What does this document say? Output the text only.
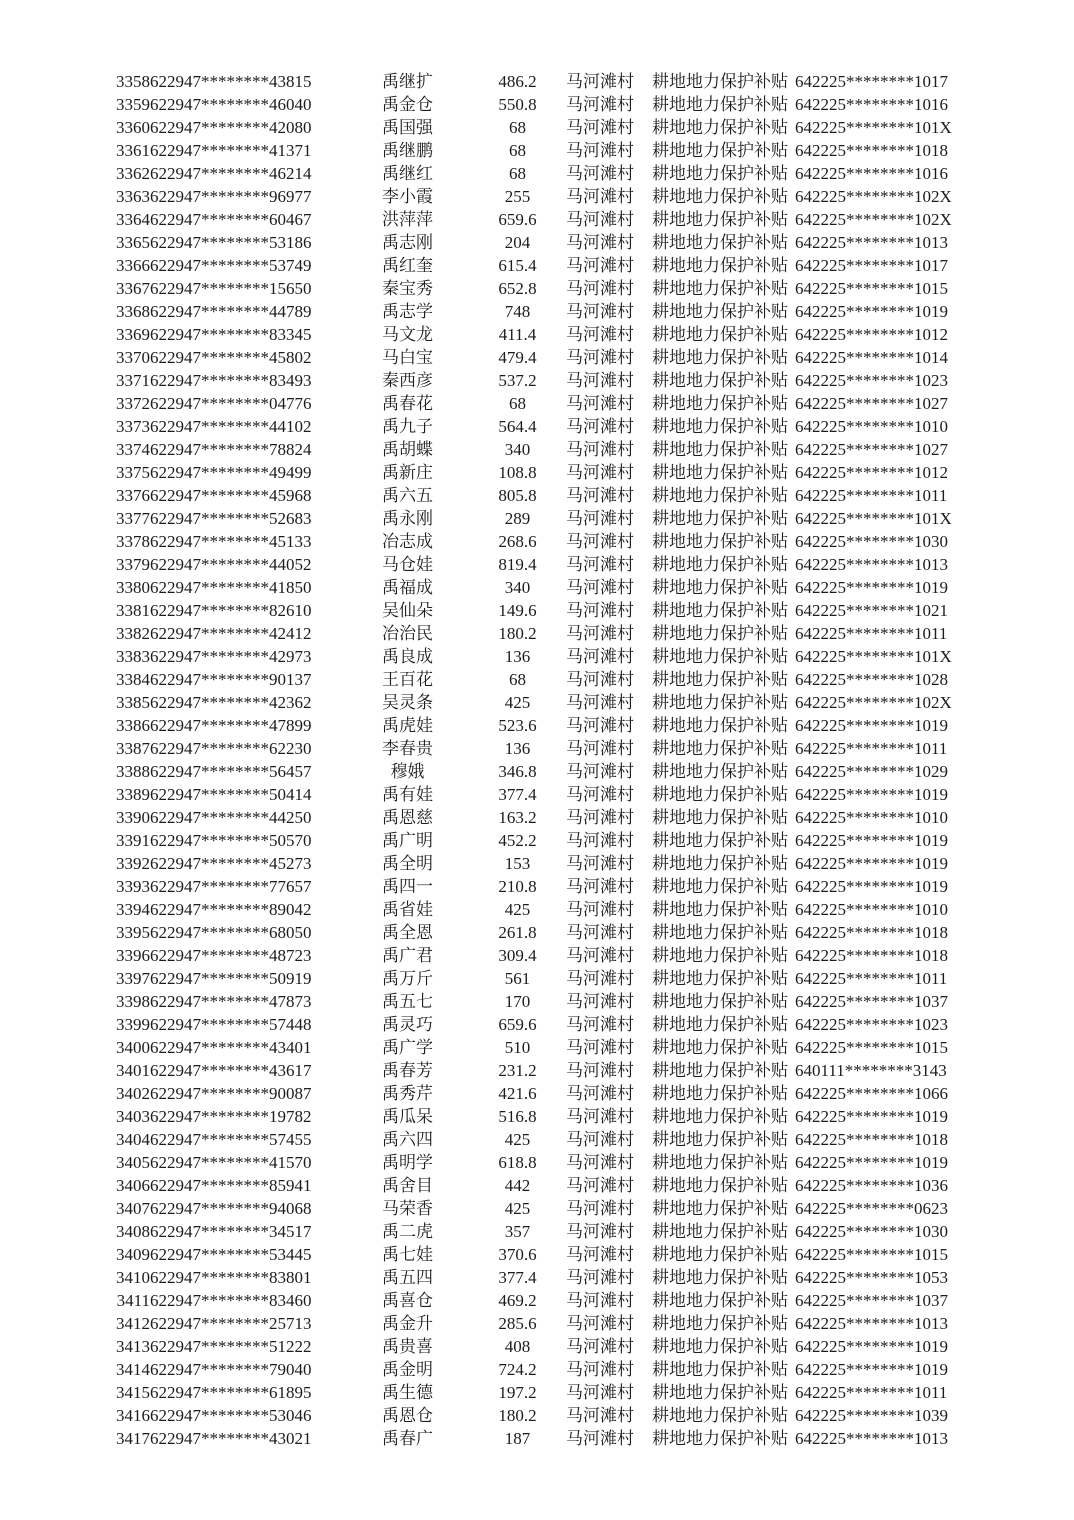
3358	622947********43815	禹继扩	486.2	马河滩村	耕地地力保护补贴	642225********1017
3359	622947********46040	禹金仓	550.8	马河滩村	耕地地力保护补贴	642225********1016
3360	622947********42080	禹国强	68	马河滩村	耕地地力保护补贴	642225********101X
3361	622947********41371	禹继鹏	68	马河滩村	耕地地力保护补贴	642225********1018
3362	622947********46214	禹继红	68	马河滩村	耕地地力保护补贴	642225********1016
3363	622947********96977	李小霞	255	马河滩村	耕地地力保护补贴	642225********102X
3364	622947********60467	洪萍萍	659.6	马河滩村	耕地地力保护补贴	642225********102X
3365	622947********53186	禹志刚	204	马河滩村	耕地地力保护补贴	642225********1013
3366	622947********53749	禹红奎	615.4	马河滩村	耕地地力保护补贴	642225********1017
3367	622947********15650	秦宝秀	652.8	马河滩村	耕地地力保护补贴	642225********1015
3368	622947********44789	禹志学	748	马河滩村	耕地地力保护补贴	642225********1019
3369	622947********83345	马文龙	411.4	马河滩村	耕地地力保护补贴	642225********1012
3370	622947********45802	马白宝	479.4	马河滩村	耕地地力保护补贴	642225********1014
3371	622947********83493	秦西彦	537.2	马河滩村	耕地地力保护补贴	642225********1023
3372	622947********04776	禹春花	68	马河滩村	耕地地力保护补贴	642225********1027
3373	622947********44102	禹九子	564.4	马河滩村	耕地地力保护补贴	642225********1010
3374	622947********78824	禹胡蝶	340	马河滩村	耕地地力保护补贴	642225********1027
3375	622947********49499	禹新庄	108.8	马河滩村	耕地地力保护补贴	642225********1012
3376	622947********45968	禹六五	805.8	马河滩村	耕地地力保护补贴	642225********1011
3377	622947********52683	禹永刚	289	马河滩村	耕地地力保护补贴	642225********101X
3378	622947********45133	冶志成	268.6	马河滩村	耕地地力保护补贴	642225********1030
3379	622947********44052	马仓娃	819.4	马河滩村	耕地地力保护补贴	642225********1013
3380	622947********41850	禹福成	340	马河滩村	耕地地力保护补贴	642225********1019
3381	622947********82610	吴仙朵	149.6	马河滩村	耕地地力保护补贴	642225********1021
3382	622947********42412	冶治民	180.2	马河滩村	耕地地力保护补贴	642225********1011
3383	622947********42973	禹良成	136	马河滩村	耕地地力保护补贴	642225********101X
3384	622947********90137	王百花	68	马河滩村	耕地地力保护补贴	642225********1028
3385	622947********42362	吴灵条	425	马河滩村	耕地地力保护补贴	642225********102X
3386	622947********47899	禹虎娃	523.6	马河滩村	耕地地力保护补贴	642225********1019
3387	622947********62230	李春贵	136	马河滩村	耕地地力保护补贴	642225********1011
3388	622947********56457	穆娥	346.8	马河滩村	耕地地力保护补贴	642225********1029
3389	622947********50414	禹有娃	377.4	马河滩村	耕地地力保护补贴	642225********1019
3390	622947********44250	禹恩慈	163.2	马河滩村	耕地地力保护补贴	642225********1010
3391	622947********50570	禹广明	452.2	马河滩村	耕地地力保护补贴	642225********1019
3392	622947********45273	禹全明	153	马河滩村	耕地地力保护补贴	642225********1019
3393	622947********77657	禹四一	210.8	马河滩村	耕地地力保护补贴	642225********1019
3394	622947********89042	禹省娃	425	马河滩村	耕地地力保护补贴	642225********1010
3395	622947********68050	禹全恩	261.8	马河滩村	耕地地力保护补贴	642225********1018
3396	622947********48723	禹广君	309.4	马河滩村	耕地地力保护补贴	642225********1018
3397	622947********50919	禹万斤	561	马河滩村	耕地地力保护补贴	642225********1011
3398	622947********47873	禹五七	170	马河滩村	耕地地力保护补贴	642225********1037
3399	622947********57448	禹灵巧	659.6	马河滩村	耕地地力保护补贴	642225********1023
3400	622947********43401	禹广学	510	马河滩村	耕地地力保护补贴	642225********1015
3401	622947********43617	禹春芳	231.2	马河滩村	耕地地力保护补贴	640111********3143
3402	622947********90087	禹秀芹	421.6	马河滩村	耕地地力保护补贴	642225********1066
3403	622947********19782	禹瓜呆	516.8	马河滩村	耕地地力保护补贴	642225********1019
3404	622947********57455	禹六四	425	马河滩村	耕地地力保护补贴	642225********1018
3405	622947********41570	禹明学	618.8	马河滩村	耕地地力保护补贴	642225********1019
3406	622947********85941	禹舍目	442	马河滩村	耕地地力保护补贴	642225********1036
3407	622947********94068	马荣香	425	马河滩村	耕地地力保护补贴	642225********0623
3408	622947********34517	禹二虎	357	马河滩村	耕地地力保护补贴	642225********1030
3409	622947********53445	禹七娃	370.6	马河滩村	耕地地力保护补贴	642225********1015
3410	622947********83801	禹五四	377.4	马河滩村	耕地地力保护补贴	642225********1053
3411	622947********83460	禹喜仓	469.2	马河滩村	耕地地力保护补贴	642225********1037
3412	622947********25713	禹金升	285.6	马河滩村	耕地地力保护补贴	642225********1013
3413	622947********51222	禹贵喜	408	马河滩村	耕地地力保护补贴	642225********1019
3414	622947********79040	禹金明	724.2	马河滩村	耕地地力保护补贴	642225********1019
3415	622947********61895	禹生德	197.2	马河滩村	耕地地力保护补贴	642225********1011
3416	622947********53046	禹恩仓	180.2	马河滩村	耕地地力保护补贴	642225********1039
3417	622947********43021	禹春广	187	马河滩村	耕地地力保护补贴	642225********1013
